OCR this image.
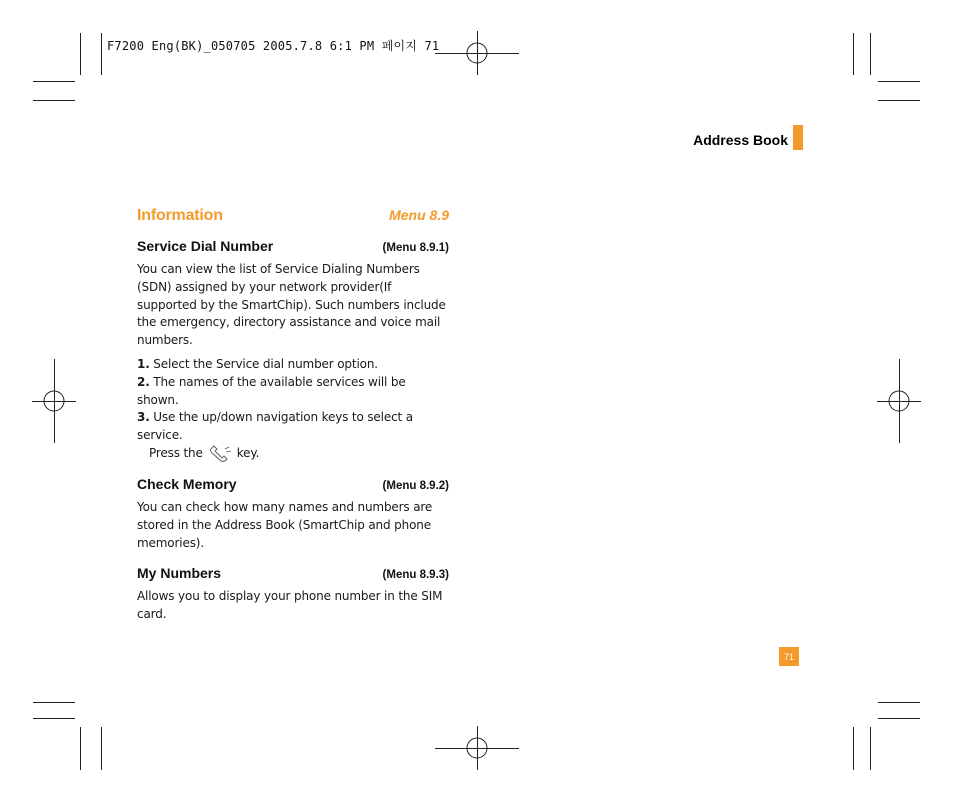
F7200 Eng(BK)_050705 2005.7.8 6:1 PM 페이지 71
Address Book
Information	Menu 8.9
Service Dial Number	(Menu 8.9.1)
You can view the list of Service Dialing Numbers (SDN) assigned by your network provider(If supported by the SmartChip). Such numbers include the emergency, directory assistance and voice mail numbers.
1. Select the Service dial number option.
2. The names of the available services will be shown.
3. Use the up/down navigation keys to select a service.
Press the	key.
Check Memory	(Menu 8.9.2)
You can check how many names and numbers are stored in the Address Book (SmartChip and phone memories).
My Numbers	(Menu 8.9.3)
Allows you to display your phone number in the SIM card.
71
